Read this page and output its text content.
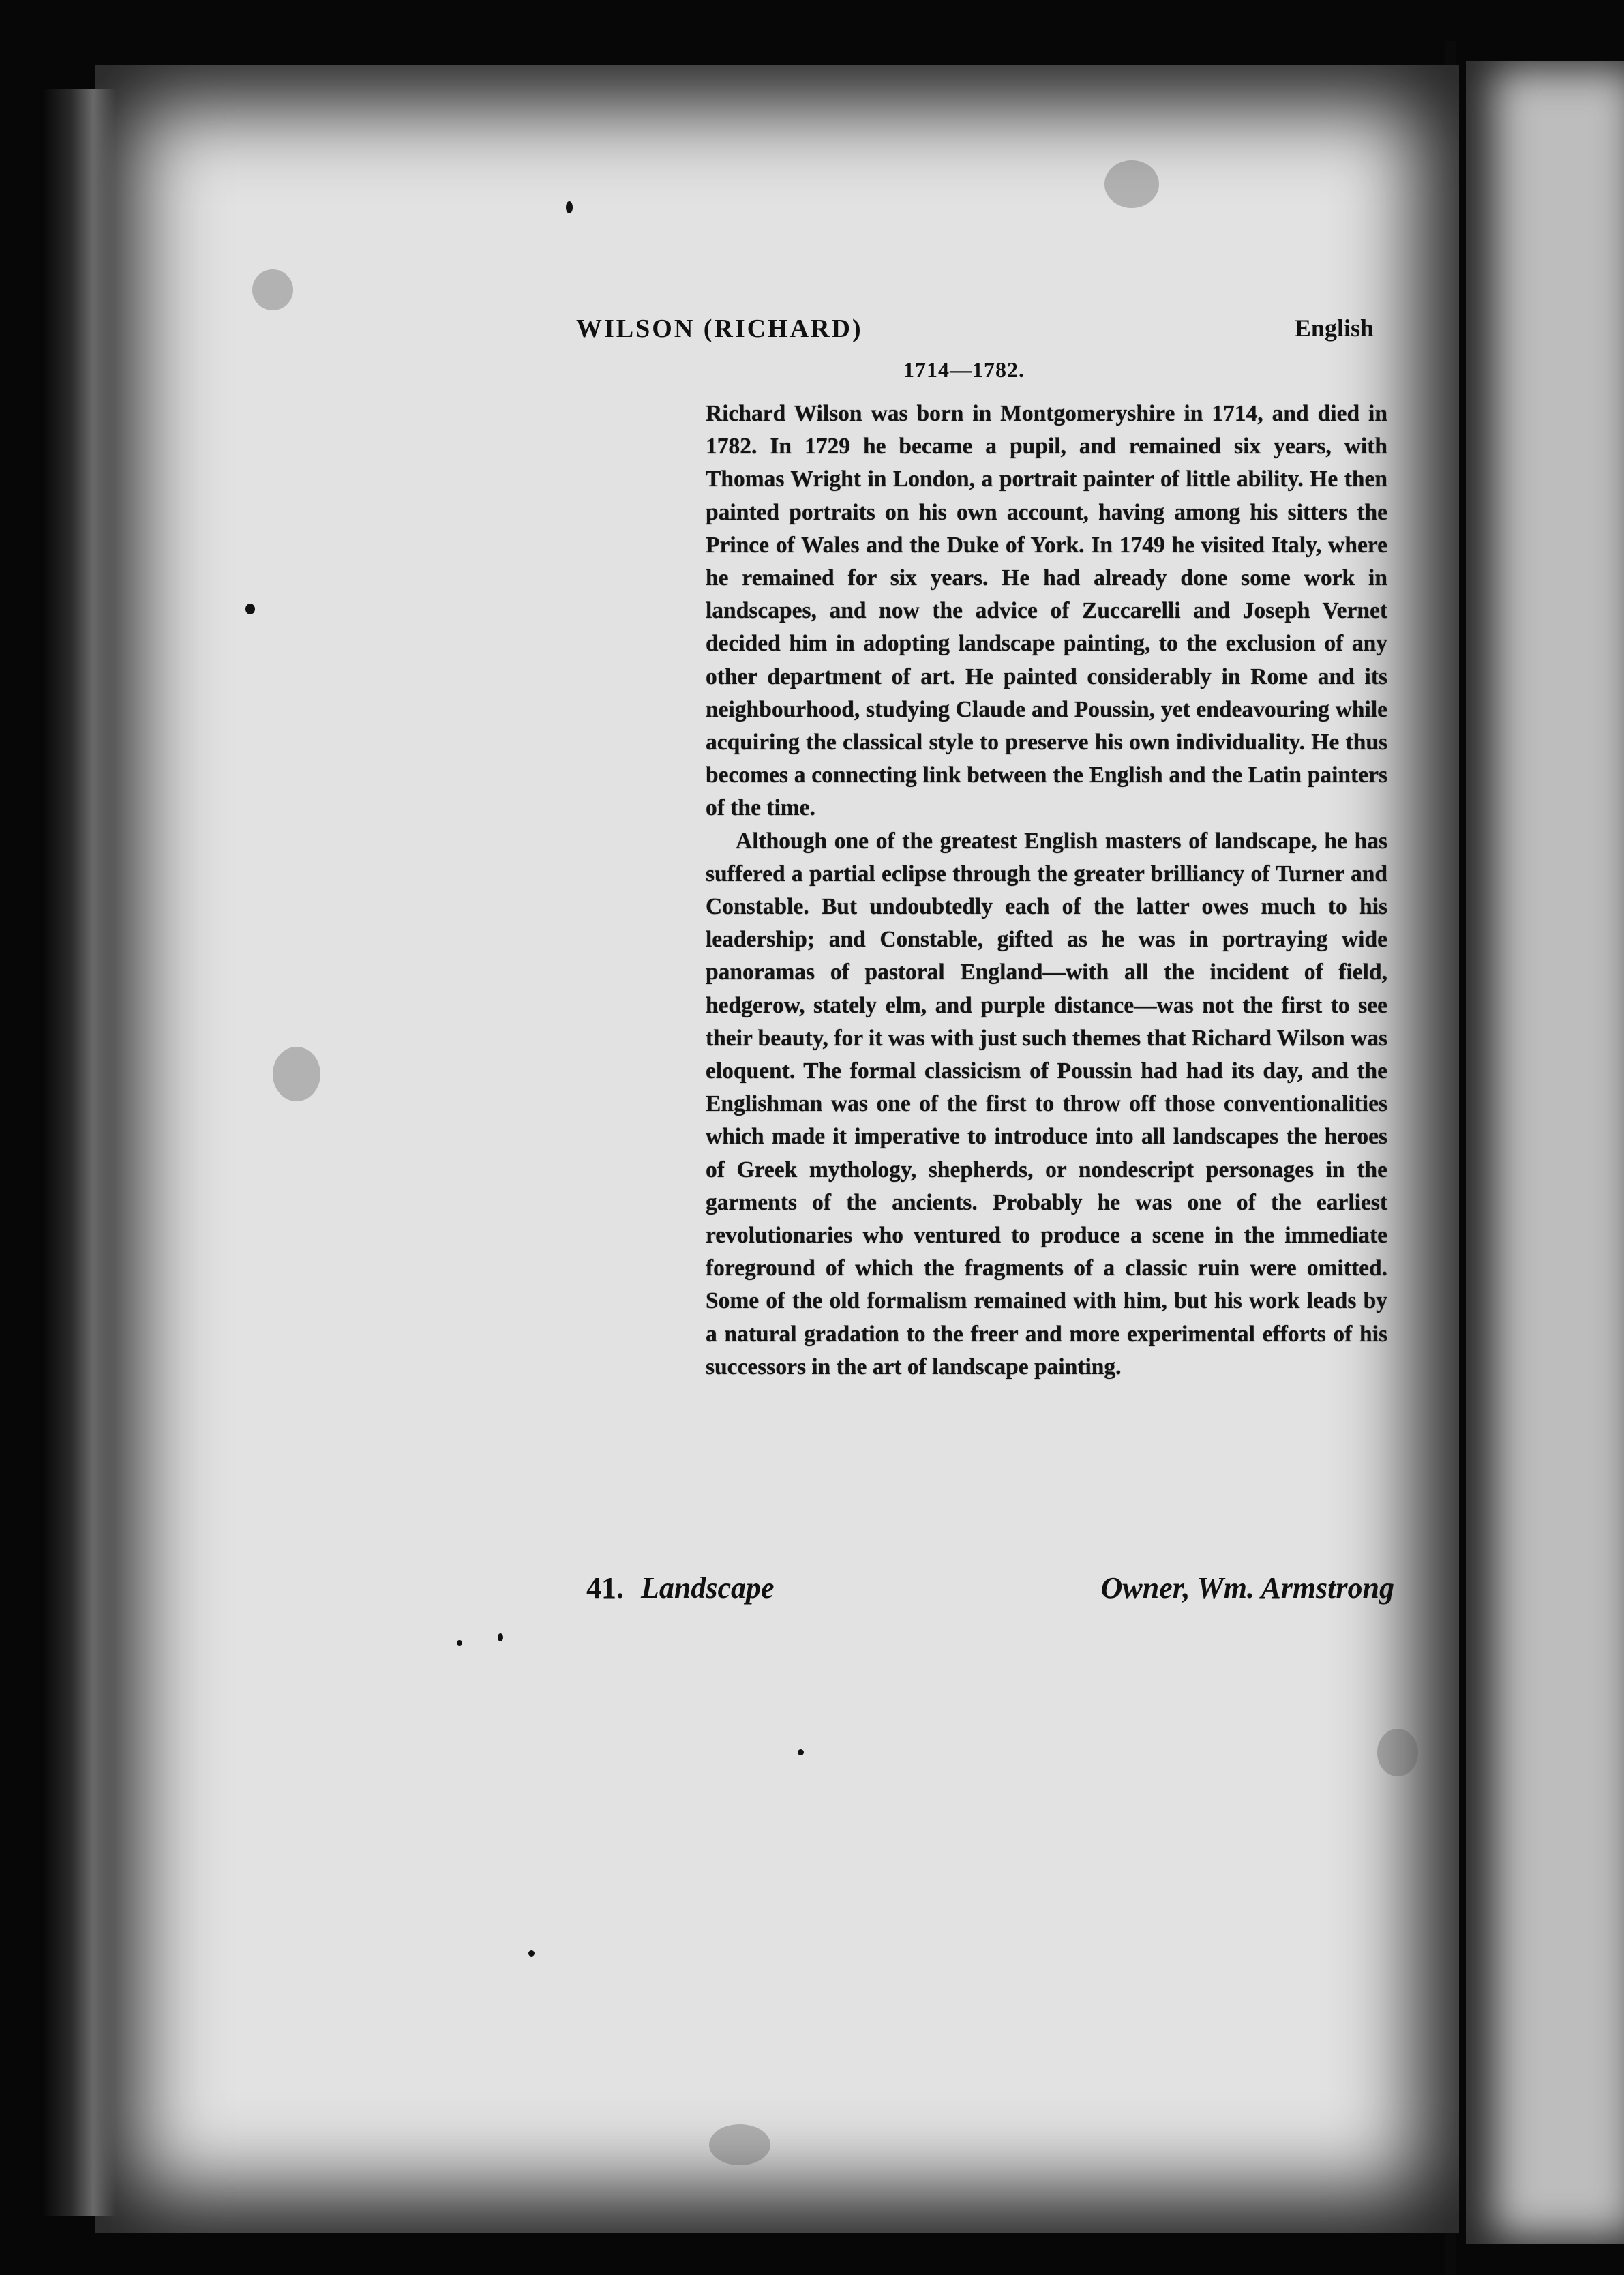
WILSON (RICHARD)	English
1714—1782.

Richard Wilson was born in Montgomeryshire in 1714, and died in 1782. In 1729 he became a pupil, and remained six years, with Thomas Wright in London, a portrait painter of little ability. He then painted portraits on his own account, having among his sitters the Prince of Wales and the Duke of York. In 1749 he visited Italy, where he remained for six years. He had already done some work in landscapes, and now the advice of Zuccarelli and Joseph Vernet decided him in adopting landscape painting, to the exclusion of any other department of art. He painted considerably in Rome and its neighbourhood, studying Claude and Poussin, yet endeavouring while acquiring the classical style to preserve his own individuality. He thus becomes a connecting link between the English and the Latin painters of the time.

Although one of the greatest English masters of landscape, he has suffered a partial eclipse through the greater brilliancy of Turner and Constable. But undoubtedly each of the latter owes much to his leadership; and Constable, gifted as he was in portraying wide panoramas of pastoral England—with all the incident of field, hedgerow, stately elm, and purple distance—was not the first to see their beauty, for it was with just such themes that Richard Wilson was eloquent. The formal classicism of Poussin had had its day, and the Englishman was one of the first to throw off those conventionalities which made it imperative to introduce into all landscapes the heroes of Greek mythology, shepherds, or nondescript personages in the garments of the ancients. Probably he was one of the earliest revolutionaries who ventured to produce a scene in the immediate foreground of which the fragments of a classic ruin were omitted. Some of the old formalism remained with him, but his work leads by a natural gradation to the freer and more experimental efforts of his successors in the art of landscape painting.

41. Landscape	Owner, Wm. Armstrong
